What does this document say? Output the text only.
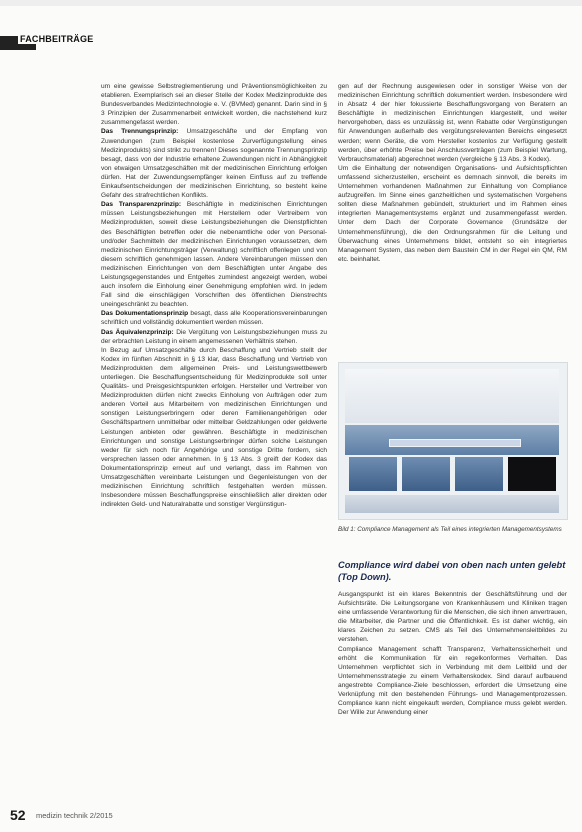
FACHBEITRÄGE

um eine gewisse Selbstreglementierung und Präventionsmöglichkeiten zu etablieren. Exemplarisch sei an dieser Stelle der Kodex Medizinprodukte des Bundesverbandes Medizintechnologie e. V. (BVMed) genannt. Darin sind in § 3 Prinzipien der Zusammenarbeit entwickelt worden, die nachstehend kurz zusammengefasst werden.

Das Trennungsprinzip: Umsatzgeschäfte und der Empfang von Zuwendungen (zum Beispiel kostenlose Zurverfügungstellung eines Medizinprodukts) sind strikt zu trennen! Dieses sogenannte Trennungsprinzip besagt, dass von der Industrie erhaltene Zuwendungen nicht in Abhängigkeit von etwaigen Umsatzgeschäften mit der medizinischen Einrichtung erfolgen dürfen. Hat der Zuwendungsempfänger keinen Einfluss auf zu treffende Einkaufsentscheidungen der medizinischen Einrichtung, so besteht keine Gefahr des strafrechtlichen Konflikts.

Das Transparenzprinzip: Beschäftigte in medizinischen Einrichtungen müssen Leistungsbeziehungen mit Herstellern oder Vertreibern von Medizinprodukten, soweit diese Leistungsbeziehungen die Dienstpflichten des Beschäftigten betreffen oder die nebenamtliche oder von Personal- und/oder Sachmitteln der medizinischen Einrichtungen voraussetzen, dem medizinischen Einrichtungsträger (Verwaltung) schriftlich offenlegen und von diesem schriftlich genehmigen lassen. Andere Vereinbarungen müssen den medizinischen Einrichtungen von dem Beschäftigten unter Angabe des Leistungsgegenstandes und Entgeltes zumindest angezeigt werden, wobei auch insofern die Einholung einer Genehmigung empfohlen wird. In jedem Fall sind die einschlägigen Vorschriften des öffentlichen Dienstrechts uneingeschränkt zu beachten.

Das Dokumentationsprinzip besagt, dass alle Kooperationsvereinbarungen schriftlich und vollständig dokumentiert werden müssen.

Das Äquivalenzprinzip: Die Vergütung von Leistungsbeziehungen muss zu der erbrachten Leistung in einem angemessenen Verhältnis stehen.

In Bezug auf Umsatzgeschäfte durch Beschaffung und Vertrieb stellt der Kodex im fünften Abschnitt in § 13 klar, dass Beschaffung und Vertrieb von Medizinprodukten dem allgemeinen Preis- und Leistungswettbewerb unterliegen. Die Beschaffungsentscheidung für Medizinprodukte soll unter Qualitäts- und Preisgesichtspunkten erfolgen. Hersteller und Vertreiber von Medizinprodukten dürfen nicht zwecks Einholung von Aufträgen oder zum anderen Vorteil aus Mitarbeitern von medizinischen Einrichtungen und sonstigen Leistungserbringern oder deren Familienangehörigen oder Geschäftspartnern unmittelbar oder mittelbar Geldzahlungen oder geldwerte Leistungen anbieten oder gewähren. Beschäftigte in medizinischen Einrichtungen und sonstige Leistungserbringer dürfen solche Leistungen weder für sich noch für Angehörige und sonstige Dritte fordern, sich versprechen lassen oder annehmen. In § 13 Abs. 3 greift der Kodex das Dokumentationsprinzip erneut auf und verlangt, dass im Rahmen von Umsatzgeschäften vereinbarte Leistungen und Gegenleistungen von der medizinischen Einrichtung schriftlich festgehalten werden müssen. Insbesondere müssen Beschaffungspreise einschließlich aller direkten oder indirekten Geld- und Naturalrabatte und sonstiger Vergünstigun-

gen auf der Rechnung ausgewiesen oder in sonstiger Weise von der medizinischen Einrichtung schriftlich dokumentiert werden. Insbesondere wird in Absatz 4 der hier fokussierte Beschaffungsvorgang von Beratern an Beschäftigte in medizinischen Einrichtungen klargestellt, und weiter hervorgehoben, dass es unzulässig ist, wenn Rabatte oder Vergünstigungen für Anwendungen außerhalb des vergütungsrelevanten Bereichs eingesetzt werden; wenn Geräte, die vom Hersteller kostenlos zur Verfügung gestellt werden, über erhöhte Preise bei Anschlussverträgen (zum Beispiel Wartung, Verbrauchsmaterial) abgerechnet werden (vergleiche § 13 Abs. 3 Kodex).

Um die Einhaltung der notwendigen Organisations- und Aufsichtspflichten umfassend sicherzustellen, erscheint es demnach sinnvoll, die bereits im Unternehmen vorhandenen Maßnahmen zur Einhaltung von Compliance aufzugreifen. Im Sinne eines ganzheitlichen und systematischen Vorgehens sollten diese Maßnahmen gebündelt, strukturiert und im Rahmen eines integrierten Managementsystems ergänzt und zusammengefasst werden. Unter dem Dach der Corporate Governance (Grundsätze der Unternehmensführung), die den Ordnungsrahmen für die Leitung und Überwachung eines Unternehmens bildet, entsteht so ein integriertes Management System, das neben dem Baustein CM in der Regel ein QM, RM etc. beinhaltet.

Bild 1: Compliance Management als Teil eines integrierten Managementsystems
Compliance wird dabei von oben nach unten gelebt (Top Down).

Ausgangspunkt ist ein klares Bekenntnis der Geschäftsführung und der Aufsichtsräte. Die Leitungsorgane von Krankenhäusern und Kliniken tragen eine umfassende Verantwortung für die Menschen, die sich ihnen anvertrauen, die Mitarbeiter, die Partner und die Öffentlichkeit. Es ist daher wichtig, ein klares Zeichen zu setzen. CMS als Teil des Unternehmensleitbildes zu verstehen.

Compliance Management schafft Transparenz, Verhaltenssicherheit und erhöht die Kommunikation für ein regelkonformes Verhalten. Das Unternehmen verpflichtet sich in Verbindung mit dem Leitbild und der Unternehmensstrategie zu einem Verhaltenskodex. Sind darauf aufbauend angestrebte Compliance-Ziele beschlossen, erfordert die Umsetzung eine Verknüpfung mit den bestehenden Führungs- und Managementprozessen. Compliance kann nicht eingekauft werden, Compliance muss gelebt werden. Der Wille zur Anwendung einer

52 medizin technik 2/2015
